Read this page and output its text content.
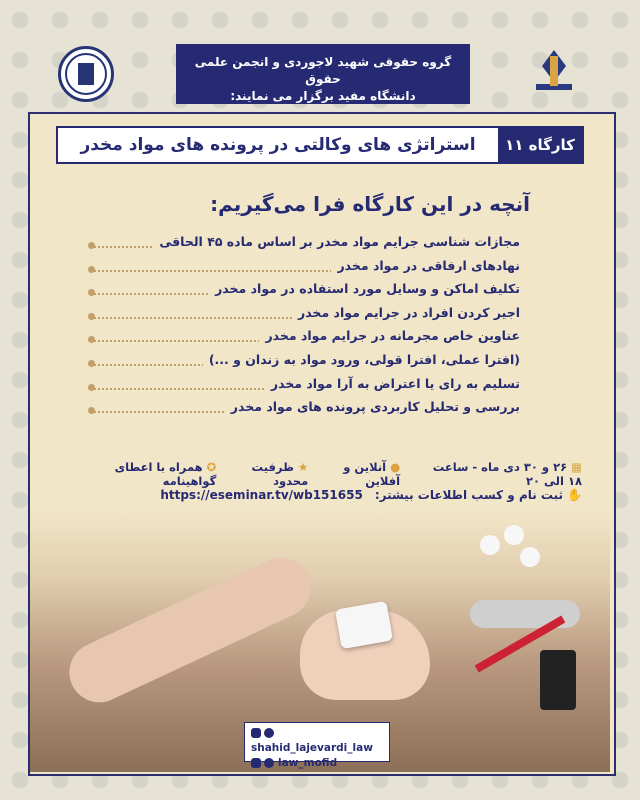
گروه حقوقی شهید لاجوردی و انجمن علمی حقوق
دانشگاه مفید برگزار می نمایند:
کارگاه ۱۱
استراتژی های وکالتی در پرونده های مواد مخدر
آنچه در این کارگاه فرا می‌گیریم:
مجازات شناسی جرایم مواد مخدر بر اساس ماده ۴۵ الحاقی
نهادهای ارفاقی در مواد مخدر
تکلیف اماکن و وسایل مورد استفاده در مواد مخدر
اجیر کردن افراد در جرایم مواد مخدر
عناوین خاص مجرمانه در جرایم مواد مخدر
(افترا عملی، افترا قولی، ورود مواد به زندان و ...)
تسلیم به رای یا اعتراض به آرا مواد مخدر
بررسی و تحلیل کاربردی پرونده های مواد مخدر
▦۲۶ و ۳۰ دی ماه - ساعت ۱۸ الی ۲۰
●آنلاین و آفلاین
★ظرفیت محدود
✪همراه با اعطای گواهینامه
✋ثبت نام و کسب اطلاعات بیشتر:
https://eseminar.tv/wb151655
shahid_lajevardi_law
law_mofid
